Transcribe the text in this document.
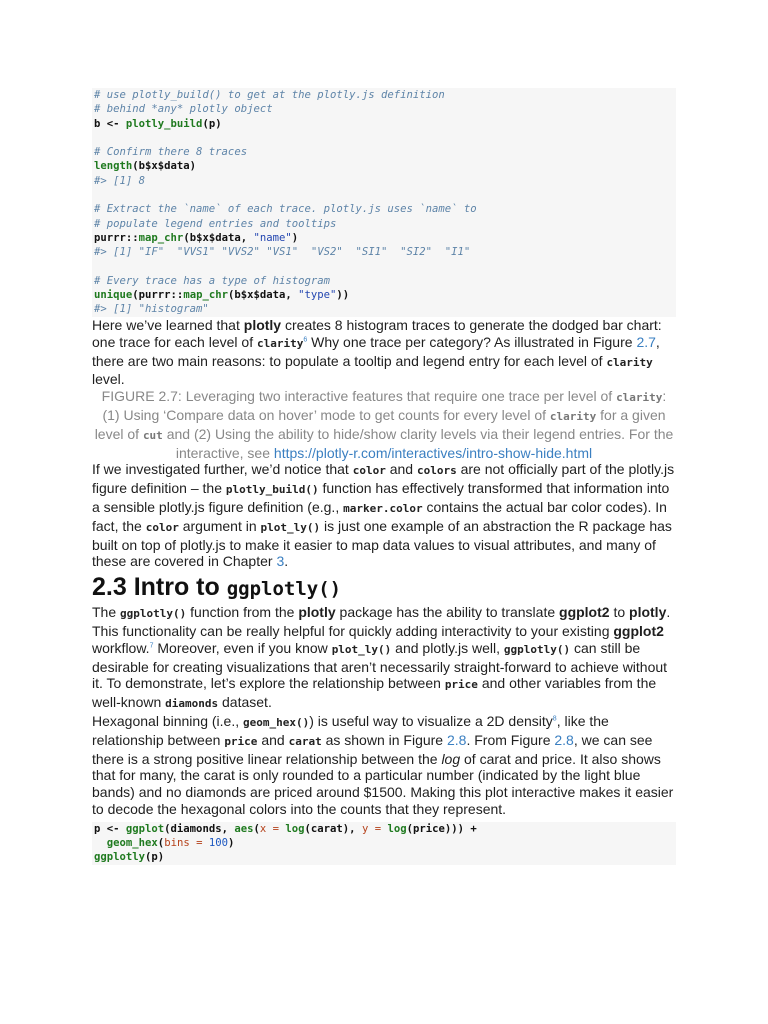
# use plotly_build() to get at the plotly.js definition
# behind *any* plotly object
b <- plotly_build(p)

# Confirm there 8 traces
length(b$x$data)
#> [1] 8

# Extract the `name` of each trace. plotly.js uses `name` to
# populate legend entries and tooltips
purrr::map_chr(b$x$data, "name")
#> [1] "IF"  "VVS1" "VVS2" "VS1"  "VS2"  "SI1"  "SI2"  "I1"

# Every trace has a type of histogram
unique(purrr::map_chr(b$x$data, "type"))
#> [1] "histogram"

Here we’ve learned that plotly creates 8 histogram traces to generate the dodged bar chart: one trace for each level of clarity$^6$ Why one trace per category? As illustrated in Figure 2.7, there are two main reasons: to populate a tooltip and legend entry for each level of clarity level.

FIGURE 2.7: Leveraging two interactive features that require one trace per level of clarity: (1) Using ‘Compare data on hover’ mode to get counts for every level of clarity for a given level of cut and (2) Using the ability to hide/show clarity levels via their legend entries. For the interactive, see https://plotly-r.com/interactives/intro-show-hide.html

If we investigated further, we’d notice that color and colors are not officially part of the plotly.js figure definition – the plotly_build() function has effectively transformed that information into a sensible plotly.js figure definition (e.g., marker.color contains the actual bar color codes). In fact, the color argument in plot_ly() is just one example of an abstraction the R package has built on top of plotly.js to make it easier to map data values to visual attributes, and many of these are covered in Chapter 3.

2.3 Intro to ggplotly()

The ggplotly() function from the plotly package has the ability to translate ggplot2 to plotly. This functionality can be really helpful for quickly adding interactivity to your existing ggplot2 workflow.$^7$ Moreover, even if you know plot_ly() and plotly.js well, ggplotly() can still be desirable for creating visualizations that aren’t necessarily straight-forward to achieve without it. To demonstrate, let’s explore the relationship between price and other variables from the well-known diamonds dataset.

Hexagonal binning (i.e., geom_hex()) is useful way to visualize a 2D density$^8$, like the relationship between price and carat as shown in Figure 2.8. From Figure 2.8, we can see there is a strong positive linear relationship between the log of carat and price. It also shows that for many, the carat is only rounded to a particular number (indicated by the light blue bands) and no diamonds are priced around $1500. Making this plot interactive makes it easier to decode the hexagonal colors into the counts that they represent.

p <- ggplot(diamonds, aes(x = log(carat), y = log(price))) +
geom_hex(bins = 100)
ggplotly(p)
